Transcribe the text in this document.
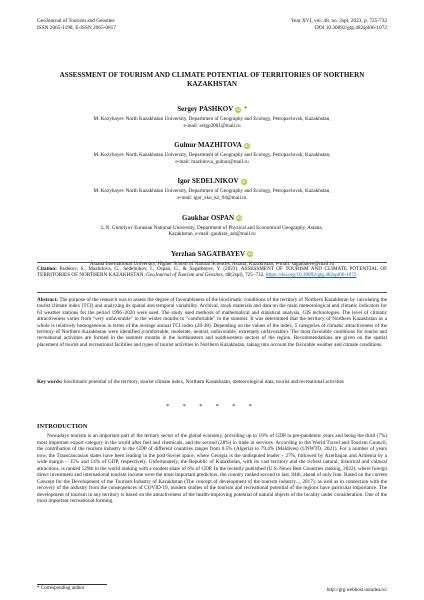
GeoJournal of Tourism and Geosites
ISSN 2065-1198, E-ISSN 2065-0817
Year XVI, vol. 48, no. 2spl, 2023, p. 725-732
DOI 10.30892/gtg.482spl06-1072
ASSESSMENT OF TOURISM AND CLIMATE POTENTIAL OF TERRITORIES OF NORTHERN KAZAKHSTAN
Sergey PASHKOV iD *
M. Kozybayev North Kazakhstan University, Department of Geography and Ecology, Petropavlovsk, Kazakhstan, e-mail: sergp2001@mail.ru
Gulnur MAZHITOVA iD
M. Kozybayev North Kazakhstan University, Department of Geography and Ecology, Petropavlovsk, Kazakhstan, e-mail: mazhitova_gulnur@mail.ru
Igor SEDELNIKOV iD
M. Kozybayev North Kazakhstan University, Department of Geography and Ecology, Petropavlovsk, Kazakhstan, e-mail: igor_sko_kz_94@mail.ru
Gaukhar OSPAN iD
L.N. Gumilyov Eurasian National University, Department of Physical and Economical Geography, Astana, Kazakhstan, e-mail: gauhara_ast@mail.ru
Yerzhan SAGATBAYEV iD
Astana International University, Higher School of Natural Sciences, Astana, Kazakhstan, e-mail: sagatbaeve@mail.ru
Citation: Pashkov, S., Mazhitova, G., Sedelnikov, I., Ospan, G., & Sagatbayev, Y. (2023). ASSESSMENT OF TOURISM AND CLIMATE POTENTIAL OF TERRITORIES OF NORTHERN KAZAKHSTAN. GeoJournal of Tourism and Geosites, 48(2spl), 725–732. https://doi.org/10.30892/gtg.482spl06-1072
Abstract: The purpose of the research was to assess the degree of favorableness of the bioclimatic conditions of the territory of Northern Kazakhstan by calculating the tourist climate index (TCI) and analyzing its spatial and temporal variability. Archival, stock materials and data on the main meteorological and climatic indicators for 63 weather stations for the period 1996–2020 were used. The study used methods of mathematical and statistical analysis, GIS technologies. The level of climatic attractiveness varies from "very unfavorable" in the winter months to "comfortable" in the summer. It was determined that the territory of Northern Kazakhstan as a whole is relatively homogeneous in terms of the average annual TCI index (28-38). Depending on the values of the index, 5 categories of climatic attractiveness of the territory of Northern Kazakhstan were identified (comfortable, moderate, neutral, unfavorable, extremely unfavorable). The most favorable conditions for tourist and recreational activities are formed in the summer months in the northeastern and southwestern sectors of the region. Recommendations are given on the spatial placement of tourist and recreational facilities and types of tourist activities in Northern Kazakhstan, taking into account the favorable weather and climate conditions.
Key words: bioclimatic potential of the territory, tourist climate index, Northern Kazakhstan, meteorological data, tourist and recreational activities
* * * * * *
INTRODUCTION

Nowadays tourism is an important part of the tertiary sector of the global economy, providing up to 10% of GDP in pre-pandemic years and being the third (7%) most important export category in the world after fuel and chemicals, and the second (28%) in trade in services. According to the World Travel and Tourism Council, the contribution of the tourism industry to the GDP of different countries ranges from 0.5% (Algeria) to 79.4% (Maldives) (UNWTO, 2021). For a number of years now, the Transcaucasian states have been leading in the post-Soviet space, where Georgia is the undisputed leader – 27%, followed by Azerbaijan and Armenia by a wide margin – 15% and 14% of GDP, respectively. Unfortunately, the Republic of Kazakhstan, with its vast territory and the richest natural, historical and cultural attractions, is ranked 129th in the world ranking with a modest share of 6% of GDP. In the recently published (U.S. News Best Countries ranking, 2022), where foreign direct investment and international tourism income were the most important predictors, the country ranked second to last, 84th, ahead of only Iran. Based on the current Concept for the Development of the Tourism Industry of Kazakhstan (The concept of development of the tourism industry..., 2017), as well as in connection with the recovery of the industry from the consequences of COVID-19, modern studies of the tourism and recreational potential of the regions have particular importance. The development of tourism in any territory is based on the attractiveness of the health-improving potential of natural objects of the locality under consideration. One of the most important recreational forming

* Corresponding author	http://gtg.webhost.uoradea.ro/
